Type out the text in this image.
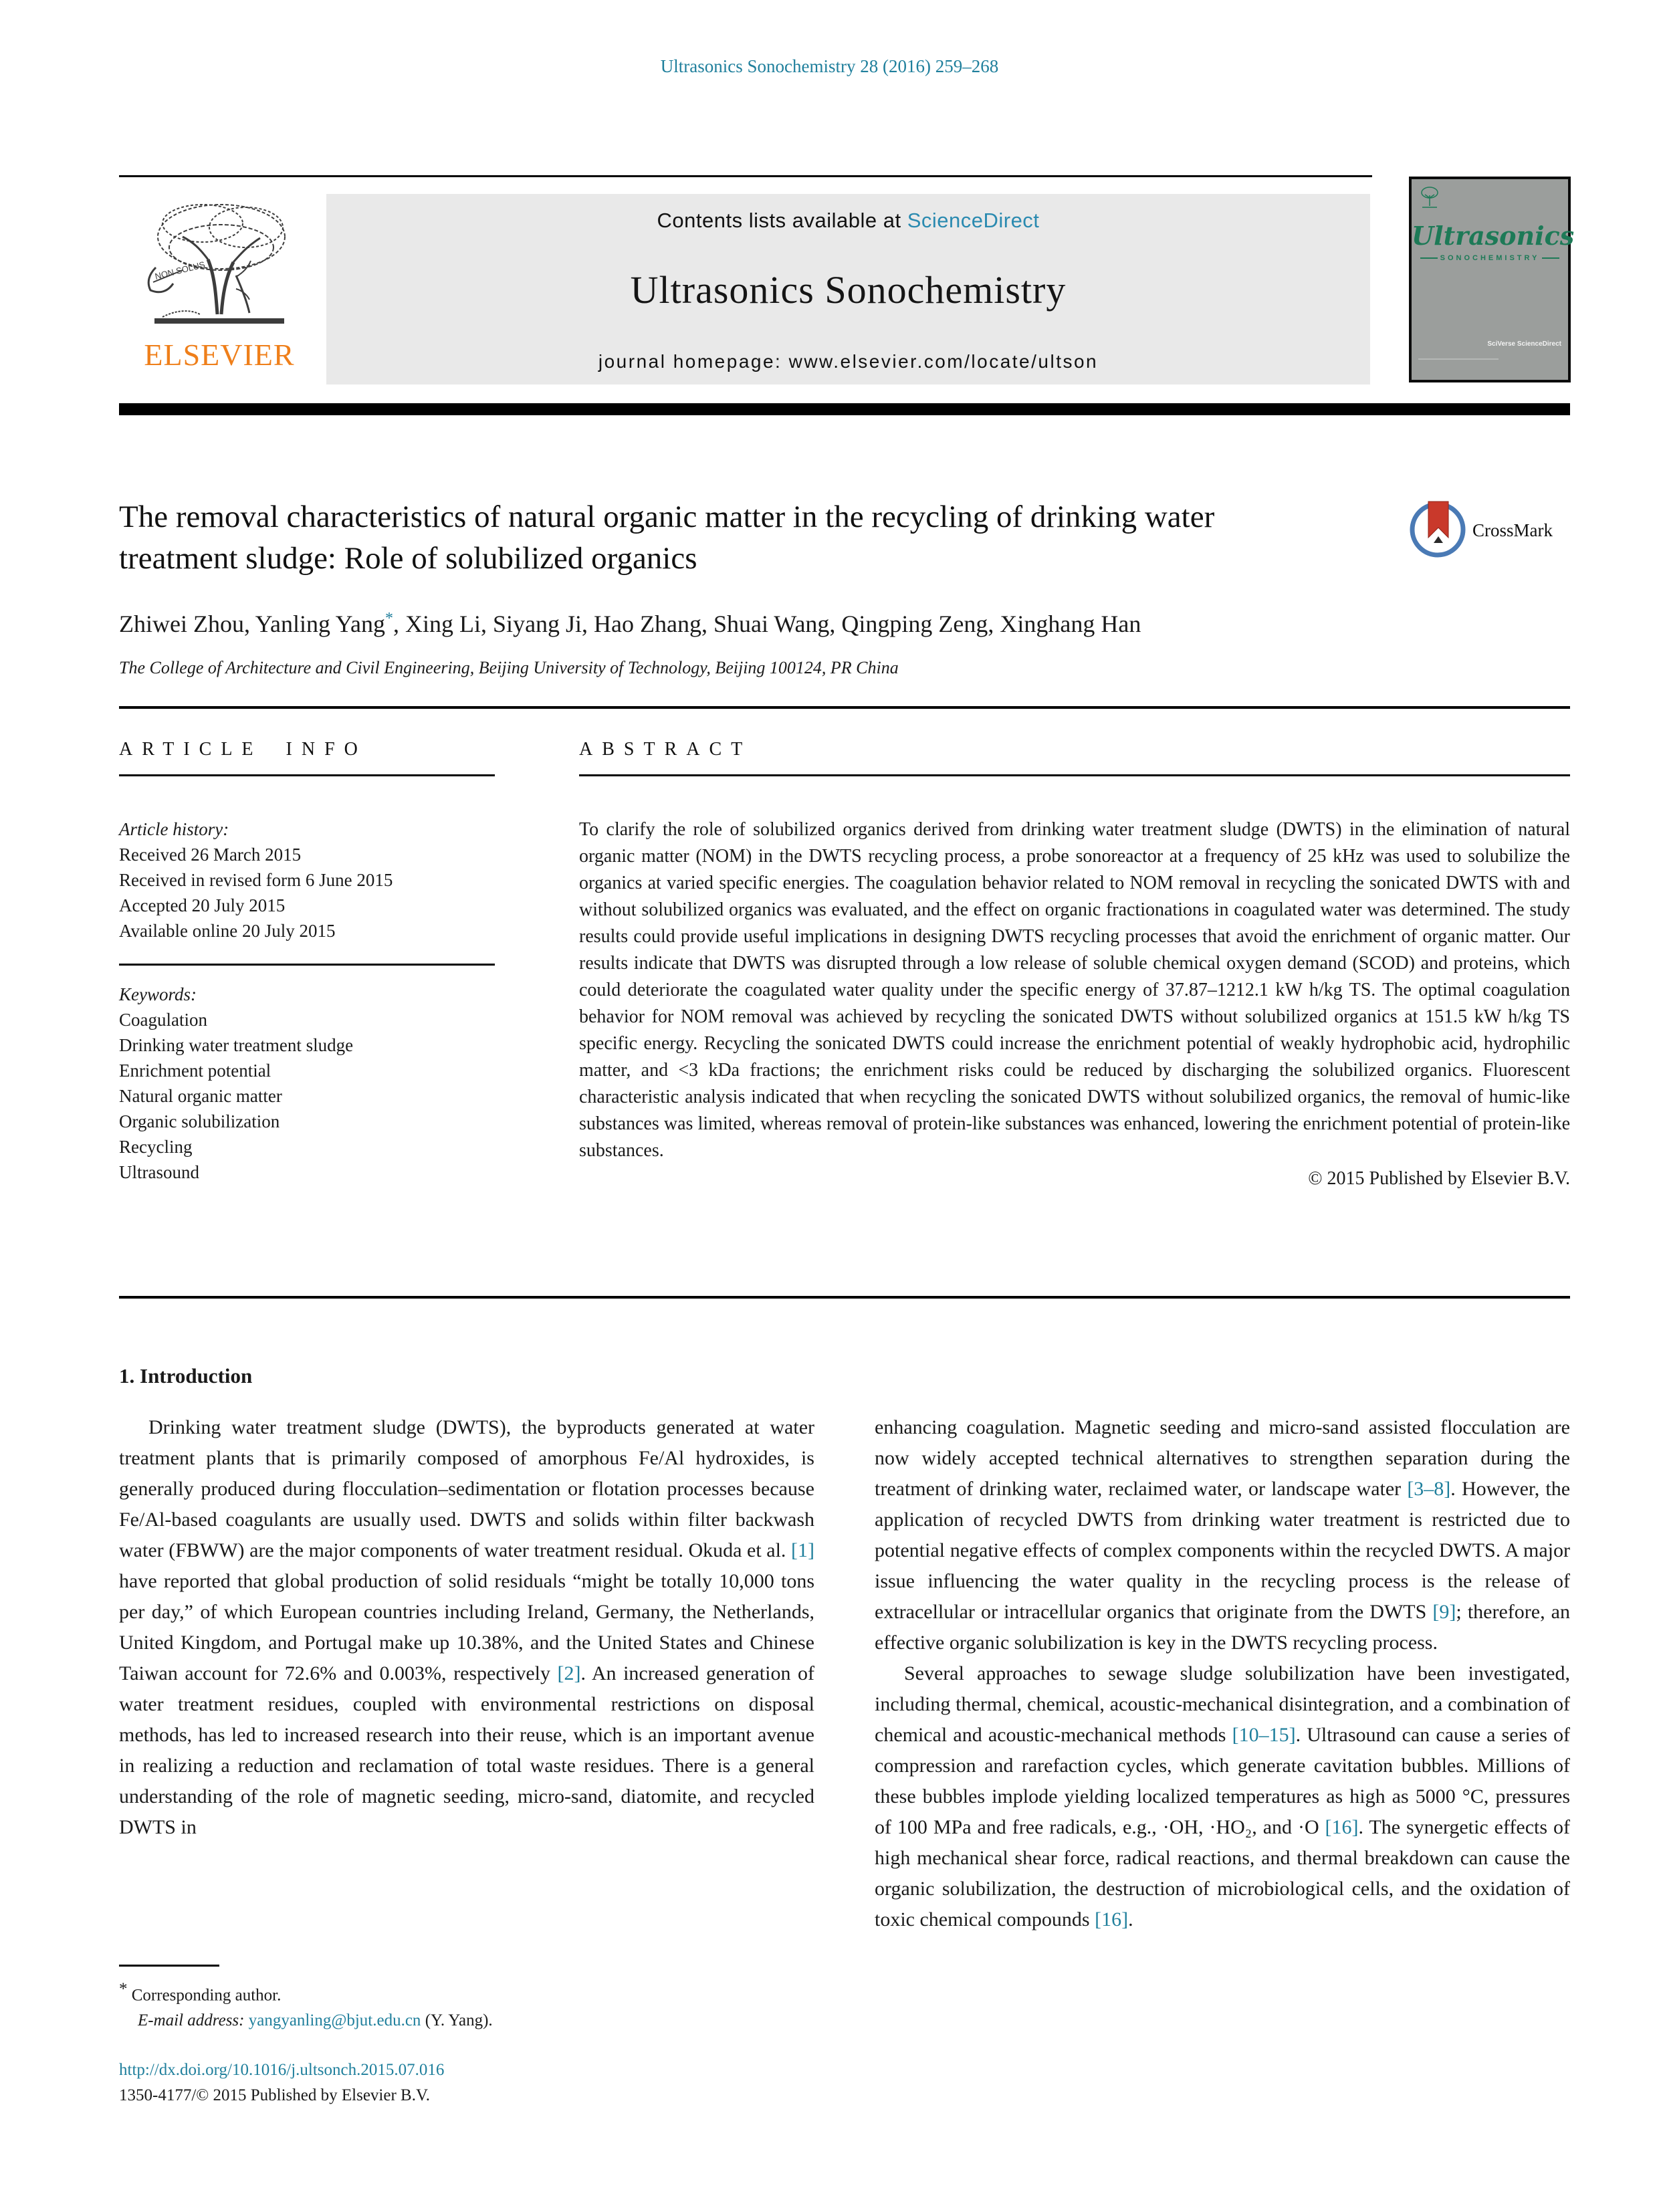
Ultrasonics Sonochemistry 28 (2016) 259–268
NON SOLUS
ELSEVIER
Contents lists available at ScienceDirect
Ultrasonics Sonochemistry
journal homepage: www.elsevier.com/locate/ultson
Ultrasonics
SONOCHEMISTRY
SciVerse ScienceDirect
The removal characteristics of natural organic matter in the recycling of drinking water treatment sludge: Role of solubilized organics
CrossMark
Zhiwei Zhou, Yanling Yang*, Xing Li, Siyang Ji, Hao Zhang, Shuai Wang, Qingping Zeng, Xinghang Han
The College of Architecture and Civil Engineering, Beijing University of Technology, Beijing 100124, PR China
ARTICLE INFO
Article history:
Received 26 March 2015
Received in revised form 6 June 2015
Accepted 20 July 2015
Available online 20 July 2015
Keywords:
Coagulation
Drinking water treatment sludge
Enrichment potential
Natural organic matter
Organic solubilization
Recycling
Ultrasound
ABSTRACT
To clarify the role of solubilized organics derived from drinking water treatment sludge (DWTS) in the elimination of natural organic matter (NOM) in the DWTS recycling process, a probe sonoreactor at a frequency of 25 kHz was used to solubilize the organics at varied specific energies. The coagulation behavior related to NOM removal in recycling the sonicated DWTS with and without solubilized organics was evaluated, and the effect on organic fractionations in coagulated water was determined. The study results could provide useful implications in designing DWTS recycling processes that avoid the enrichment of organic matter. Our results indicate that DWTS was disrupted through a low release of soluble chemical oxygen demand (SCOD) and proteins, which could deteriorate the coagulated water quality under the specific energy of 37.87–1212.1 kW h/kg TS. The optimal coagulation behavior for NOM removal was achieved by recycling the sonicated DWTS without solubilized organics at 151.5 kW h/kg TS specific energy. Recycling the sonicated DWTS could increase the enrichment potential of weakly hydrophobic acid, hydrophilic matter, and <3 kDa fractions; the enrichment risks could be reduced by discharging the solubilized organics. Fluorescent characteristic analysis indicated that when recycling the sonicated DWTS without solubilized organics, the removal of humic-like substances was limited, whereas removal of protein-like substances was enhanced, lowering the enrichment potential of protein-like substances.
© 2015 Published by Elsevier B.V.
1. Introduction

Drinking water treatment sludge (DWTS), the byproducts generated at water treatment plants that is primarily composed of amorphous Fe/Al hydroxides, is generally produced during flocculation–sedimentation or flotation processes because Fe/Al-based coagulants are usually used. DWTS and solids within filter backwash water (FBWW) are the major components of water treatment residual. Okuda et al. [1] have reported that global production of solid residuals “might be totally 10,000 tons per day,” of which European countries including Ireland, Germany, the Netherlands, United Kingdom, and Portugal make up 10.38%, and the United States and Chinese Taiwan account for 72.6% and 0.003%, respectively [2]. An increased generation of water treatment residues, coupled with environmental restrictions on disposal methods, has led to increased research into their reuse, which is an important avenue in realizing a reduction and reclamation of total waste residues. There is a general understanding of the role of magnetic seeding, micro-sand, diatomite, and recycled DWTS in

enhancing coagulation. Magnetic seeding and micro-sand assisted flocculation are now widely accepted technical alternatives to strengthen separation during the treatment of drinking water, reclaimed water, or landscape water [3–8]. However, the application of recycled DWTS from drinking water treatment is restricted due to potential negative effects of complex components within the recycled DWTS. A major issue influencing the water quality in the recycling process is the release of extracellular or intracellular organics that originate from the DWTS [9]; therefore, an effective organic solubilization is key in the DWTS recycling process.

Several approaches to sewage sludge solubilization have been investigated, including thermal, chemical, acoustic-mechanical disintegration, and a combination of chemical and acoustic-mechanical methods [10–15]. Ultrasound can cause a series of compression and rarefaction cycles, which generate cavitation bubbles. Millions of these bubbles implode yielding localized temperatures as high as 5000 °C, pressures of 100 MPa and free radicals, e.g., ·OH, ·HO₂, and ·O [16]. The synergetic effects of high mechanical shear force, radical reactions, and thermal breakdown can cause the organic solubilization, the destruction of microbiological cells, and the oxidation of toxic chemical compounds [16].

* Corresponding author.
E-mail address: yangyanling@bjut.edu.cn (Y. Yang).
http://dx.doi.org/10.1016/j.ultsonch.2015.07.016
1350-4177/© 2015 Published by Elsevier B.V.
